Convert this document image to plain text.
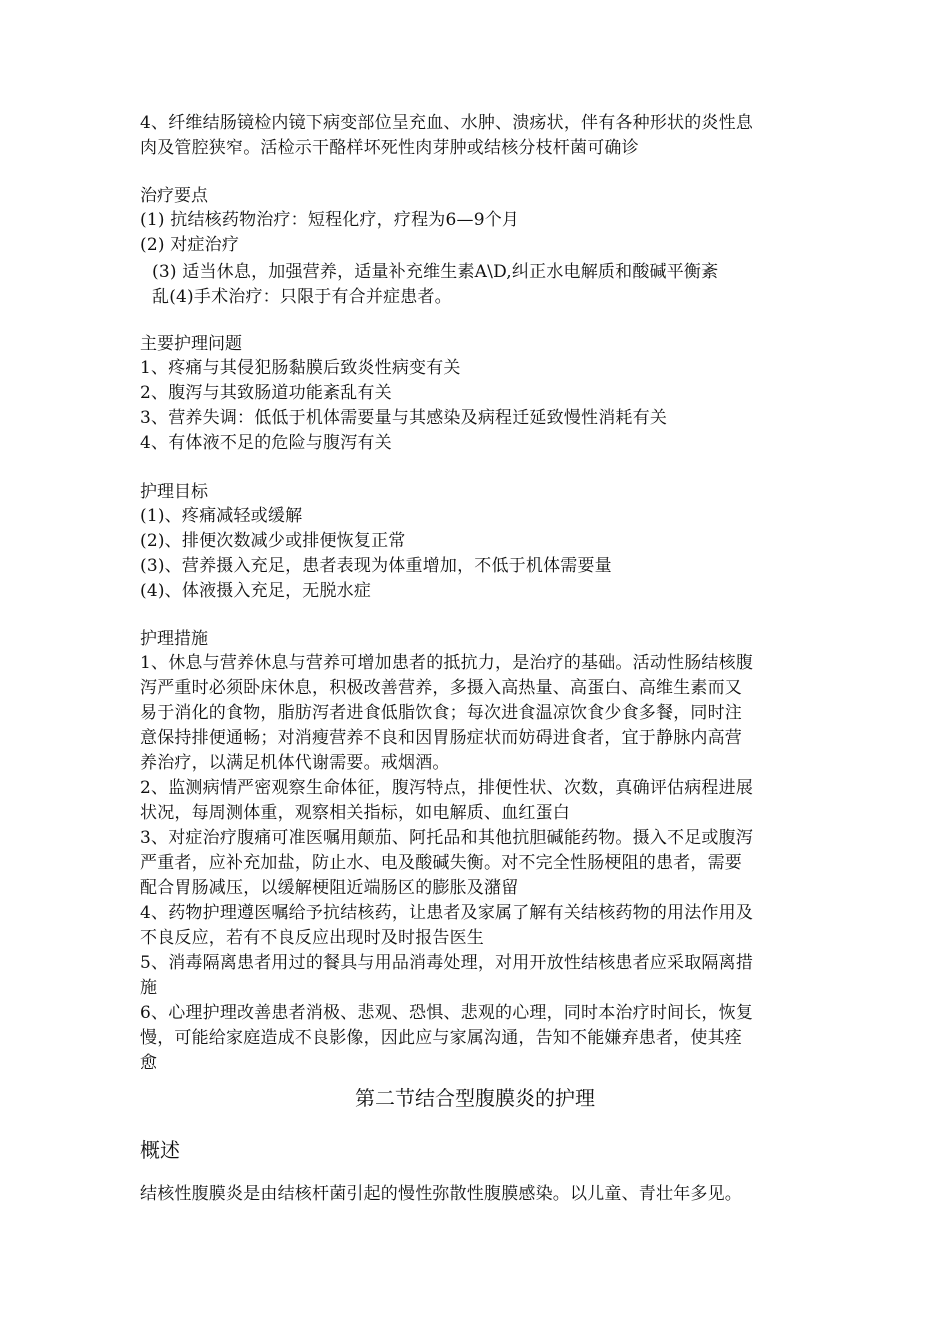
4、纤维结肠镜检内镜下病变部位呈充血、水肿、溃疡状，伴有各种形状的炎性息
肉及管腔狭窄。活检示干酪样坏死性肉芽肿或结核分枝杆菌可确诊
治疗要点
(1) 抗结核药物治疗：短程化疗，疗程为6—9个月
(2) 对症治疗
(3) 适当休息，加强营养，适量补充维生素A\D,纠正水电解质和酸碱平衡紊
乱(4)手术治疗：只限于有合并症患者。
主要护理问题
1、疼痛与其侵犯肠黏膜后致炎性病变有关
2、腹泻与其致肠道功能紊乱有关
3、营养失调：低低于机体需要量与其感染及病程迁延致慢性消耗有关
4、有体液不足的危险与腹泻有关
护理目标
(1)、疼痛减轻或缓解
(2)、排便次数减少或排便恢复正常
(3)、营养摄入充足，患者表现为体重增加，不低于机体需要量
(4)、体液摄入充足，无脱水症
护理措施
1、休息与营养休息与营养可增加患者的抵抗力，是治疗的基础。活动性肠结核腹
泻严重时必须卧床休息，积极改善营养，多摄入高热量、高蛋白、高维生素而又
易于消化的食物，脂肪泻者进食低脂饮食；每次进食温凉饮食少食多餐，同时注
意保持排便通畅；对消瘦营养不良和因胃肠症状而妨碍进食者，宜于静脉内高营
养治疗，以满足机体代谢需要。戒烟酒。
2、监测病情严密观察生命体征，腹泻特点，排便性状、次数，真确评估病程进展
状况，每周测体重，观察相关指标，如电解质、血红蛋白
3、对症治疗腹痛可准医嘱用颠茄、阿托品和其他抗胆碱能药物。摄入不足或腹泻
严重者，应补充加盐，防止水、电及酸碱失衡。对不完全性肠梗阻的患者，需要
配合胃肠减压，以缓解梗阻近端肠区的膨胀及潴留
4、药物护理遵医嘱给予抗结核药，让患者及家属了解有关结核药物的用法作用及
不良反应，若有不良反应出现时及时报告医生
5、消毒隔离患者用过的餐具与用品消毒处理，对用开放性结核患者应采取隔离措
施
6、心理护理改善患者消极、悲观、恐惧、悲观的心理，同时本治疗时间长，恢复
慢，可能给家庭造成不良影像，因此应与家属沟通，告知不能嫌弃患者，使其痊
愈
第二节结合型腹膜炎的护理
概述
结核性腹膜炎是由结核杆菌引起的慢性弥散性腹膜感染。以儿童、青壮年多见。
